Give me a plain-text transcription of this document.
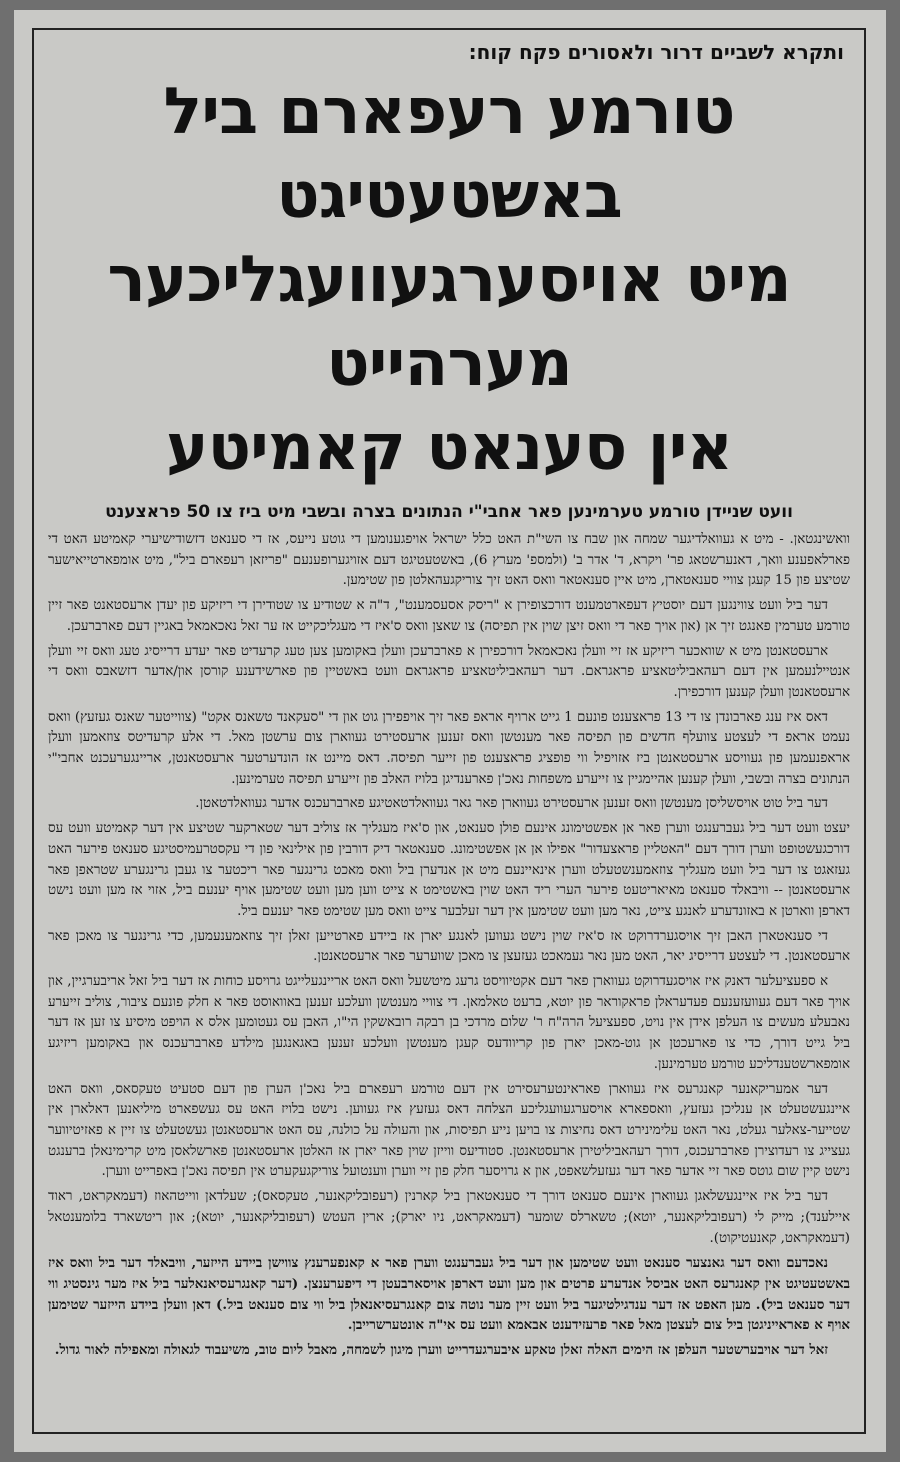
ותקרא לשביים דרור ולאסורים פקח קוח:
טורמע רעפארם ביל באשטעטיגט
מיט אויסערגעוועגליכער מערהייט
אין סענאט קאמיטע
וועט שניידן טורמע טערמינען פאר אחבי"י הנתונים בצרה ובשבי מיט ביז צו 50 פראצענט

וואשינגטאן. - מיט א געוואלדיגער שמחה און שבח צו השי"ת האט כלל ישראל אויפגענומען די גוטע נייעס, אז די סענאט דזשודישיערי קאמיטע האט די פארלאפענע וואך, דאנערשטאג פר' ויקרא, ד' אדר ב' (ולמספ' מערץ 6), באשטעטיגט דעם אזויגערופענעם "פריזאן רעפארם ביל", מיט אומפארטייאישער שטיצע פון 15 קעגן צוויי סענאטארן, מיט איין סענאטאר וואס האט זיך צוריקגעהאלטן פון שטימען.

דער ביל וועט צווינגען דעם יוסטיץ דעפארטמענט דורכצופירן א "ריסק אסעסמענט", ד"ה א שטודיע צו שטודירן די ריזיקע פון יעדן ארעסטאנט פאר זיין טורמע טערמין פאנגט זיך אן (און אויך פאר די וואס זיצן שוין אין תפיסה) צו שאצן וואס ס'איז די מעגליכקייט אז ער זאל נאכאמאל באגיין דעם פארברעכן.

ארעסטאנטן מיט א שוואכער ריזיקע אז זיי וועלן נאכאמאל דורכפירן א פארברעכן וועלן באקומען צען טעג קרעדיט פאר יעדע דרייסיג טעג וואס זיי וועלן אנטיילנעמען אין דעם רעהאביליטאציע פראגראם. דער רעהאביליטאציע פראגראם וועט באשטיין פון פארשידענע קורסן און/אדער דזשאבס וואס די ארעסטאנטן וועלן קענען דורכפירן.

דאס איז ענג פארבונדן צו די 13 פראצענט פונעם 1 גייט ארויף אראפ פאר זיך אויפפירן גוט און די "סעקאנד טשאנס אקט" (צווייטער שאנס געזעץ) וואס נעמט אראפ די לעצטע צוועלף חדשים פון תפיסה פאר מענטשן וואס זענען ארעסטירט געווארן צום ערשטן מאל. די אלע קרעדיטס צוזאמען וועלן אראפנעמען פון געוויסע ארעסטאנטן ביז אזויפיל ווי פופציג פראצענט פון זייער תפיסה. דאס מיינט אז הונדערטער ארעסטאנטן, אריינגערעכנט אחבי"י הנתונים בצרה ובשבי, וועלן קענען אהיימגיין צו זייערע משפחות נאכ'ן פארענדיגן בלויז האלב פון זייערע תפיסה טערמינען.

דער ביל טוט אויסשליסן מענטשן וואס זענען ארעסטירט געווארן פאר גאר געוואלדטאטיגע פארברעכנס אדער געוואלדטאטן.

יעצט וועט דער ביל געברענגט ווערן פאר אן אפשטימונג אינעם פולן סענאט, און ס'איז מעגליך אז צוליב דער שטארקער שטיצע אין דער קאמיטע וועט עס דורכגעשטופט ווערן דורך דעם "האטליין פראצעדור" אפילו אן אן אפשטימונג. סענאטאר דיק דורבין פון אילינאי פון די עקסטרעמיסטיגע סענאט פירער האט געזאגט צו דער ביל וועט מעגליך צוזאמענשטעלט ווערן אינאיינעם מיט אן אנדערן ביל וואס מאכט גרינגער פאר ריכטער צו געבן גרינגערע שטראפן פאר ארעסטאנטן -- וויבאלד סענאט מאיאריטעט פירער הערי ריד האט שוין באשטימט א צייט ווען מען וועט שטימען אויף יענעם ביל, אזוי אז מען וועט נישט דארפן ווארטן א באזונדערע לאנגע צייט, נאר מען וועט שטימען אין דער זעלבער צייט וואס מען שטימט פאר יענעם ביל.

די סענאטארן האבן זיך אויסגערדרוקט אז ס'איז שוין נישט געווען לאנגע יארן אז ביידע פארטייען זאלן זיך צוזאמענעמען, כדי גרינגער צו מאכן פאר ארעסטאנטן. די לעצטע דרייסיג יאר, האט מען נאר געמאכט געזעצן צו מאכן שווערער פאר ארעסטאנטן.

א ספעציעלער דאנק איז אויסגעדרוקט געווארן פאר דעם אקטיוויסט גרעג מיטשעל וואס האט אריינגעלייגט גרויסע כוחות אז דער ביל זאל אריבערגיין, און אויך פאר דעם געוועזענעם פעדעראלן פראקוראר פון יוטא, ברעט טאלמאן. די צוויי מענטשן וועלכע זענען באוואוסט פאר א חלק פונעם ציבור, צוליב זייערע נאבעלע מעשים צו העלפן אידן אין נויט, ספעציעל הרה"ח ר' שלום מרדכי בן רבקה רובאשקין הי"ו, האבן עס געטומען אלס א הויפט מיסיע צו זען אז דער ביל גייט דורך, כדי צו פארעכטן אן גוט-מאכן יארן פון קריוודעס קעגן מענטשן וועלכע זענען באגאנגען מילדע פארברעכנס און באקומען ריזיגע אומפארשטענדליכע טורמע טערמינען.

דער אמעריקאנער קאנגרעס איז געווארן פאראינטערעסירט אין דעם טורמע רעפארם ביל נאכ'ן הערן פון דעם סטעיט טעקסאס, וואס האט איינגעשטעלט אן ענליכן געזעץ, וואספארא אויסערגעוועגליכע הצלחה דאס געזעץ איז געווען. נישט בלויז האט עס געשפארט מיליאנען דאלארן אין שטייער-צאלער געלט, נאר האט עלימינירט דאס נחיצות צו בויען נייע תפיסות, און והעולה על כולנה, עס האט ארעסטאנטן געשטעלט צו זיין א פאזיטיווער געצייג צו רעדוצירן פארברעכנס, דורך רעהאביליטירן ארעסטאנטן. סטודיעס ווייזן שוין פאר יארן אז האלטן ארעסטאנטן פארשלאסן מיט קרימינאלן ברענגט נישט קיין שום גוטס פאר זיי אדער פאר דער געזעלשאפט, און א גרויסער חלק פון זיי ווערן ווענטועל צוריקגעקערט אין תפיסה נאכ'ן באפרייט ווערן.

דער ביל איז איינגעשלאגן געווארן אינעם סענאט דורך די סענאטארן ביל קארנין (רעפובליקאנער, טעקסאס); שעלדאן ווייטהאוז (דעמאקראט, ראוד איילענד); מייק לי (רעפובליקאנער, יוטא); טשארלס שומער (דעמאקראט, ניו יארק); ארין העטש (רעפובליקאנער, יוטא); און ריטשארד בלומענטאל (דעמאקראט, קאנעטיקוט).

נאכדעם וואס דער גאנצער סענאט וועט שטימען און דער ביל געברענגט ווערן פאר א קאנפערענץ צווישן ביידע הייזער, וויבאלד דער ביל וואס איז באשטעטיגט אין קאנגרעס האט אביסל אנדערע פרטים און מען וועט דארפן אויסארבעטן די דיפערענצן. (דער קאנגרעסיאנאלער ביל איז מער גינסטיג ווי דער סענאט ביל). מען האפט אז דער ענדגילטיגער ביל וועט זיין מער נוטה צום קאנגרעסיאנאלן ביל ווי צום סענאט ביל.) דאן וועלן ביידע הייזער שטימען אויף א פאראייניגטן ביל צום לעצטן מאל פאר פרעזידענט אבאמא וועט עס אי"ה אונטערשרייבן.

זאל דער אויבערשטער העלפן אז הימים האלה זאלן טאקע איבערגעדרייט ווערן מיגון לשמחה, מאבל ליום טוב, משיעבוד לגאולה ומאפילה לאור גדול.
